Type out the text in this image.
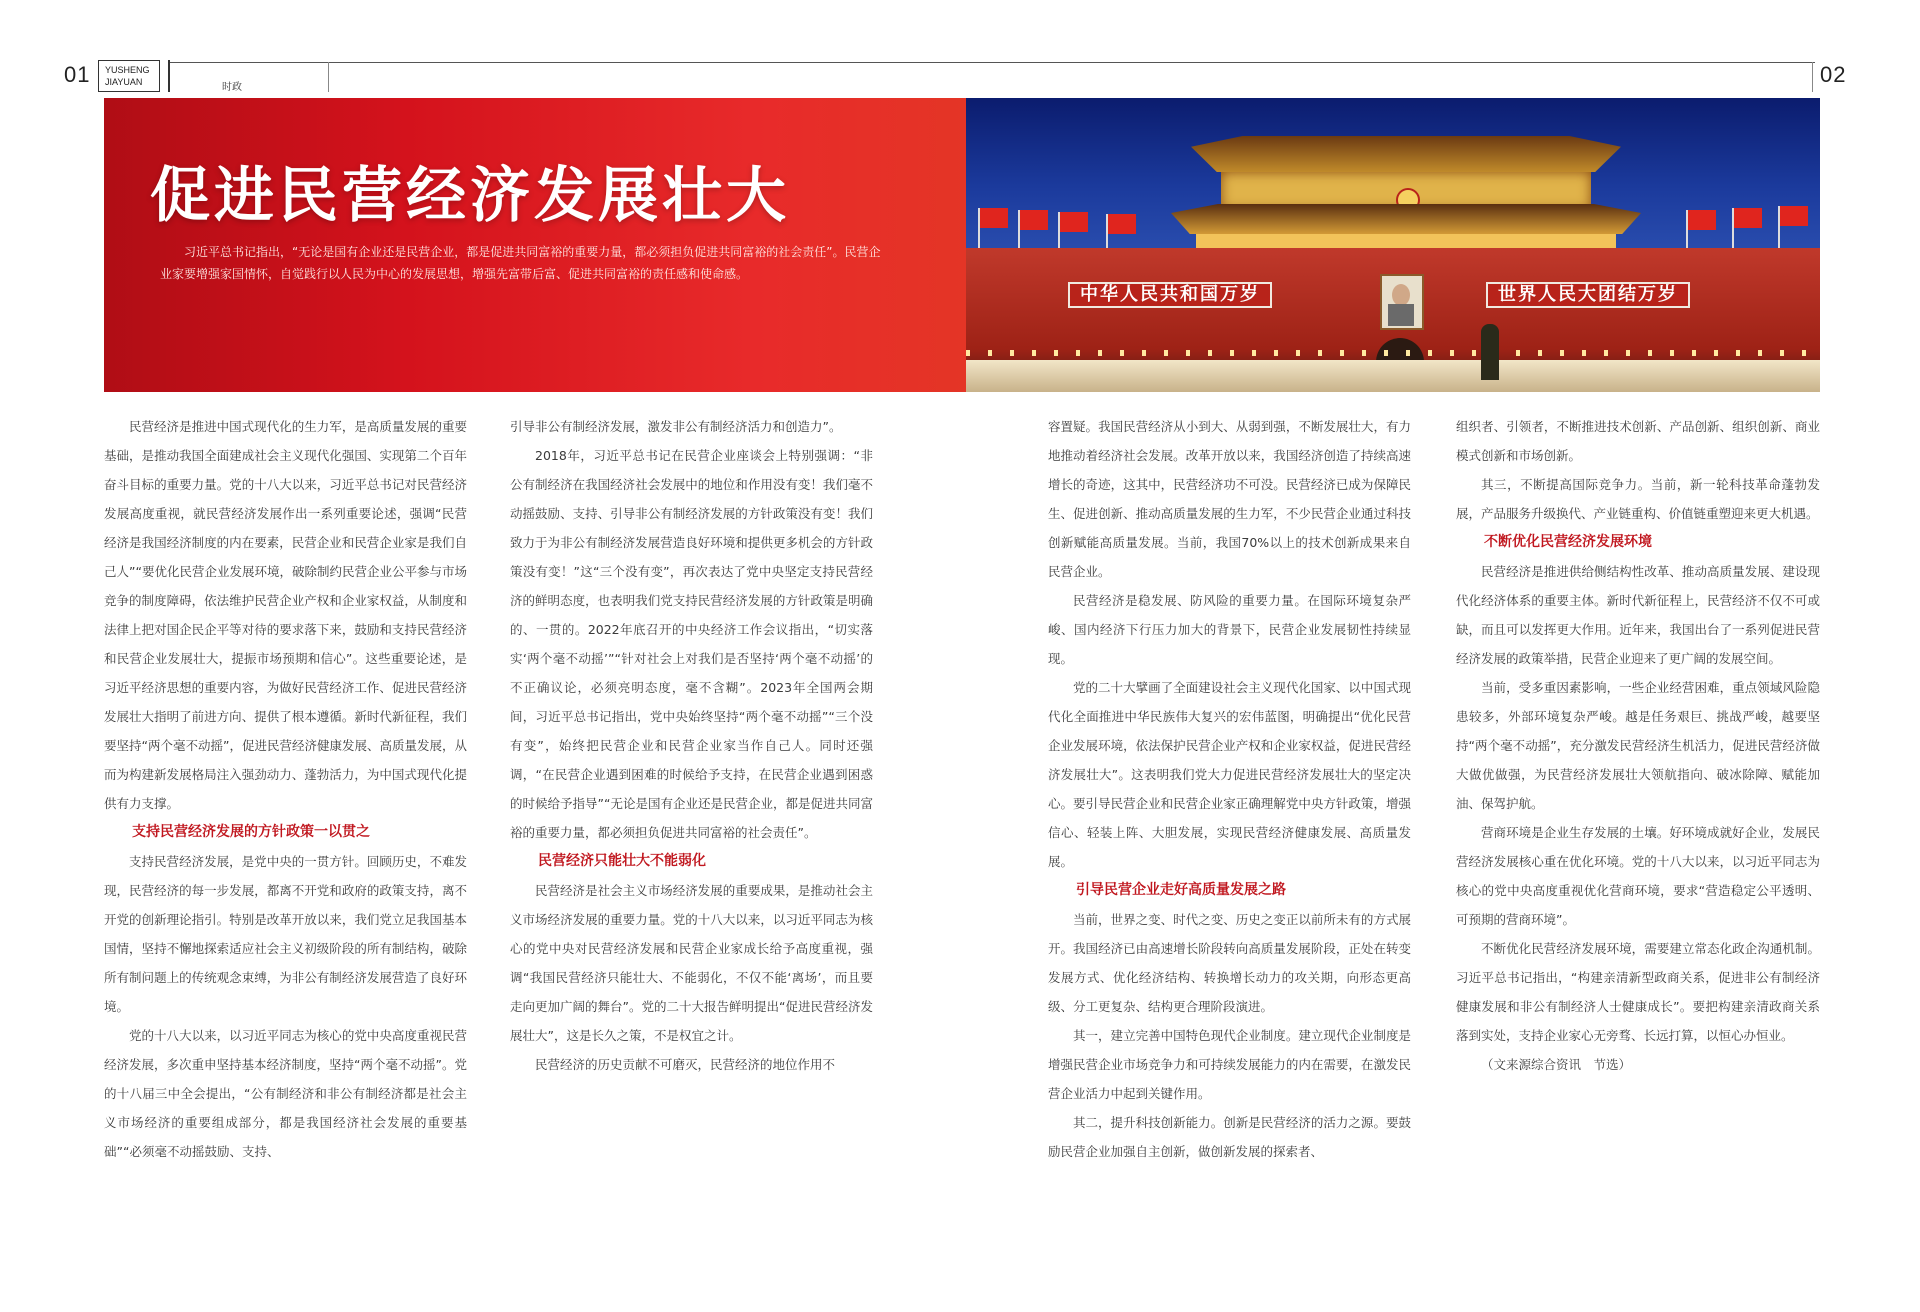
01	02
YUSHENG
JIAYUAN	时政
促进民营经济发展壮大
习近平总书记指出，“无论是国有企业还是民营企业，都是促进共同富裕的重要力量，都必须担负促进共同富裕的社会责任”。民营企业家要增强家国情怀，自觉践行以人民为中心的发展思想，增强先富带后富、促进共同富裕的责任感和使命感。
中华人民共和国万岁	世界人民大团结万岁

民营经济是推进中国式现代化的生力军，是高质量发展的重要基础，是推动我国全面建成社会主义现代化强国、实现第二个百年奋斗目标的重要力量。党的十八大以来，习近平总书记对民营经济发展高度重视，就民营经济发展作出一系列重要论述，强调“民营经济是我国经济制度的内在要素，民营企业和民营企业家是我们自己人”“要优化民营企业发展环境，破除制约民营企业公平参与市场竞争的制度障碍，依法维护民营企业产权和企业家权益，从制度和法律上把对国企民企平等对待的要求落下来，鼓励和支持民营经济和民营企业发展壮大，提振市场预期和信心”。这些重要论述，是习近平经济思想的重要内容，为做好民营经济工作、促进民营经济发展壮大指明了前进方向、提供了根本遵循。新时代新征程，我们要坚持“两个毫不动摇”，促进民营经济健康发展、高质量发展，从而为构建新发展格局注入强劲动力、蓬勃活力，为中国式现代化提供有力支撑。

支持民营经济发展的方针政策一以贯之

支持民营经济发展，是党中央的一贯方针。回顾历史，不难发现，民营经济的每一步发展，都离不开党和政府的政策支持，离不开党的创新理论指引。特别是改革开放以来，我们党立足我国基本国情，坚持不懈地探索适应社会主义初级阶段的所有制结构，破除所有制问题上的传统观念束缚，为非公有制经济发展营造了良好环境。

党的十八大以来，以习近平同志为核心的党中央高度重视民营经济发展，多次重申坚持基本经济制度，坚持“两个毫不动摇”。党的十八届三中全会提出，“公有制经济和非公有制经济都是社会主义市场经济的重要组成部分，都是我国经济社会发展的重要基础”“必须毫不动摇鼓励、支持、

引导非公有制经济发展，激发非公有制经济活力和创造力”。

2018年，习近平总书记在民营企业座谈会上特别强调：“非公有制经济在我国经济社会发展中的地位和作用没有变！我们毫不动摇鼓励、支持、引导非公有制经济发展的方针政策没有变！我们致力于为非公有制经济发展营造良好环境和提供更多机会的方针政策没有变！”这“三个没有变”，再次表达了党中央坚定支持民营经济的鲜明态度，也表明我们党支持民营经济发展的方针政策是明确的、一贯的。2022年底召开的中央经济工作会议指出，“切实落实‘两个毫不动摇’”“针对社会上对我们是否坚持‘两个毫不动摇’的不正确议论，必须亮明态度，毫不含糊”。2023年全国两会期间，习近平总书记指出，党中央始终坚持“两个毫不动摇”“三个没有变”，始终把民营企业和民营企业家当作自己人。同时还强调，“在民营企业遇到困难的时候给予支持，在民营企业遇到困惑的时候给予指导”“无论是国有企业还是民营企业，都是促进共同富裕的重要力量，都必须担负促进共同富裕的社会责任”。

民营经济只能壮大不能弱化

民营经济是社会主义市场经济发展的重要成果，是推动社会主义市场经济发展的重要力量。党的十八大以来，以习近平同志为核心的党中央对民营经济发展和民营企业家成长给予高度重视，强调“我国民营经济只能壮大、不能弱化，不仅不能‘离场’，而且要走向更加广阔的舞台”。党的二十大报告鲜明提出“促进民营经济发展壮大”，这是长久之策，不是权宜之计。

民营经济的历史贡献不可磨灭，民营经济的地位作用不

容置疑。我国民营经济从小到大、从弱到强，不断发展壮大，有力地推动着经济社会发展。改革开放以来，我国经济创造了持续高速增长的奇迹，这其中，民营经济功不可没。民营经济已成为保障民生、促进创新、推动高质量发展的生力军，不少民营企业通过科技创新赋能高质量发展。当前，我国70%以上的技术创新成果来自民营企业。

民营经济是稳发展、防风险的重要力量。在国际环境复杂严峻、国内经济下行压力加大的背景下，民营企业发展韧性持续显现。

党的二十大擘画了全面建设社会主义现代化国家、以中国式现代化全面推进中华民族伟大复兴的宏伟蓝图，明确提出“优化民营企业发展环境，依法保护民营企业产权和企业家权益，促进民营经济发展壮大”。这表明我们党大力促进民营经济发展壮大的坚定决心。要引导民营企业和民营企业家正确理解党中央方针政策，增强信心、轻装上阵、大胆发展，实现民营经济健康发展、高质量发展。

引导民营企业走好高质量发展之路

当前，世界之变、时代之变、历史之变正以前所未有的方式展开。我国经济已由高速增长阶段转向高质量发展阶段，正处在转变发展方式、优化经济结构、转换增长动力的攻关期，向形态更高级、分工更复杂、结构更合理阶段演进。

其一，建立完善中国特色现代企业制度。建立现代企业制度是增强民营企业市场竞争力和可持续发展能力的内在需要，在激发民营企业活力中起到关键作用。

其二，提升科技创新能力。创新是民营经济的活力之源。要鼓励民营企业加强自主创新，做创新发展的探索者、

组织者、引领者，不断推进技术创新、产品创新、组织创新、商业模式创新和市场创新。

其三，不断提高国际竞争力。当前，新一轮科技革命蓬勃发展，产品服务升级换代、产业链重构、价值链重塑迎来更大机遇。

不断优化民营经济发展环境

民营经济是推进供给侧结构性改革、推动高质量发展、建设现代化经济体系的重要主体。新时代新征程上，民营经济不仅不可或缺，而且可以发挥更大作用。近年来，我国出台了一系列促进民营经济发展的政策举措，民营企业迎来了更广阔的发展空间。

当前，受多重因素影响，一些企业经营困难，重点领域风险隐患较多，外部环境复杂严峻。越是任务艰巨、挑战严峻，越要坚持“两个毫不动摇”，充分激发民营经济生机活力，促进民营经济做大做优做强，为民营经济发展壮大领航指向、破冰除障、赋能加油、保驾护航。

营商环境是企业生存发展的土壤。好环境成就好企业，发展民营经济发展核心重在优化环境。党的十八大以来，以习近平同志为核心的党中央高度重视优化营商环境，要求“营造稳定公平透明、可预期的营商环境”。

不断优化民营经济发展环境，需要建立常态化政企沟通机制。习近平总书记指出，“构建亲清新型政商关系，促进非公有制经济健康发展和非公有制经济人士健康成长”。要把构建亲清政商关系落到实处，支持企业家心无旁骛、长远打算，以恒心办恒业。

（文来源综合资讯　节选）
